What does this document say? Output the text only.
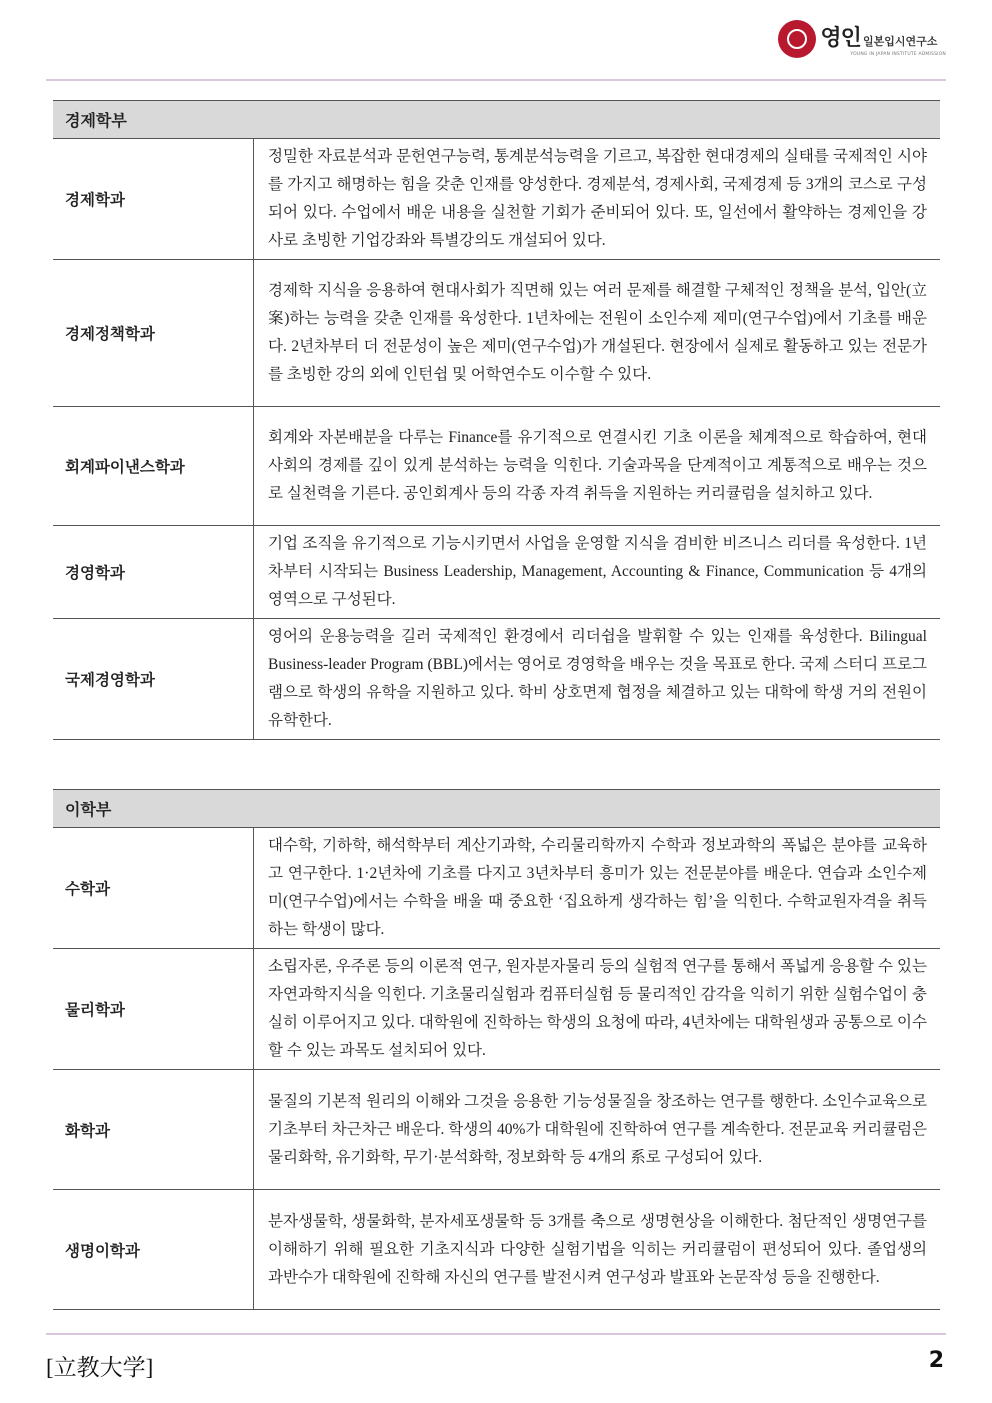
영인 일본입시연구소
YOUNG IN JAPAN INSTITUTE ADMISSION
경제학부	
경제학과	정밀한 자료분석과 문헌연구능력, 통계분석능력을 기르고, 복잡한 현대경제의 실태를 국제적인 시야를 가지고 해명하는 힘을 갖춘 인재를 양성한다. 경제분석, 경제사회, 국제경제 등 3개의 코스로 구성되어 있다. 수업에서 배운 내용을 실천할 기회가 준비되어 있다. 또, 일선에서 활약하는 경제인을 강사로 초빙한 기업강좌와 특별강의도 개설되어 있다.
경제정책학과	경제학 지식을 응용하여 현대사회가 직면해 있는 여러 문제를 해결할 구체적인 정책을 분석, 입안(立案)하는 능력을 갖춘 인재를 육성한다. 1년차에는 전원이 소인수제 제미(연구수업)에서 기초를 배운다. 2년차부터 더 전문성이 높은 제미(연구수업)가 개설된다. 현장에서 실제로 활동하고 있는 전문가를 초빙한 강의 외에 인턴쉽 및 어학연수도 이수할 수 있다.
회계파이낸스학과	회계와 자본배분을 다루는 Finance를 유기적으로 연결시킨 기초 이론을 체계적으로 학습하여, 현대사회의 경제를 깊이 있게 분석하는 능력을 익힌다. 기술과목을 단계적이고 계통적으로 배우는 것으로 실천력을 기른다. 공인회계사 등의 각종 자격 취득을 지원하는 커리큘럼을 설치하고 있다.
경영학과	기업 조직을 유기적으로 기능시키면서 사업을 운영할 지식을 겸비한 비즈니스 리더를 육성한다. 1년차부터 시작되는 Business Leadership, Management, Accounting & Finance, Communication 등 4개의 영역으로 구성된다.
국제경영학과	영어의 운용능력을 길러 국제적인 환경에서 리더쉽을 발휘할 수 있는 인재를 육성한다. Bilingual Business-leader Program (BBL)에서는 영어로 경영학을 배우는 것을 목표로 한다. 국제 스터디 프로그램으로 학생의 유학을 지원하고 있다. 학비 상호면제 협정을 체결하고 있는 대학에 학생 거의 전원이 유학한다.
이학부	
수학과	대수학, 기하학, 해석학부터 계산기과학, 수리물리학까지 수학과 정보과학의 폭넓은 분야를 교육하고 연구한다. 1·2년차에 기초를 다지고 3년차부터 흥미가 있는 전문분야를 배운다. 연습과 소인수제미(연구수업)에서는 수학을 배울 때 중요한 ‘집요하게 생각하는 힘’을 익힌다. 수학교원자격을 취득하는 학생이 많다.
물리학과	소립자론, 우주론 등의 이론적 연구, 원자분자물리 등의 실험적 연구를 통해서 폭넓게 응용할 수 있는 자연과학지식을 익힌다. 기초물리실험과 컴퓨터실험 등 물리적인 감각을 익히기 위한 실험수업이 충실히 이루어지고 있다. 대학원에 진학하는 학생의 요청에 따라, 4년차에는 대학원생과 공통으로 이수할 수 있는 과목도 설치되어 있다.
화학과	물질의 기본적 원리의 이해와 그것을 응용한 기능성물질을 창조하는 연구를 행한다. 소인수교육으로 기초부터 차근차근 배운다. 학생의 40%가 대학원에 진학하여 연구를 계속한다. 전문교육 커리큘럼은 물리화학, 유기화학, 무기·분석화학, 정보화학 등 4개의 系로 구성되어 있다.
생명이학과	분자생물학, 생물화학, 분자세포생물학 등 3개를 축으로 생명현상을 이해한다. 첨단적인 생명연구를 이해하기 위해 필요한 기초지식과 다양한 실험기법을 익히는 커리큘럼이 편성되어 있다. 졸업생의 과반수가 대학원에 진학해 자신의 연구를 발전시켜 연구성과 발표와 논문작성 등을 진행한다.
[立教大学]	2
